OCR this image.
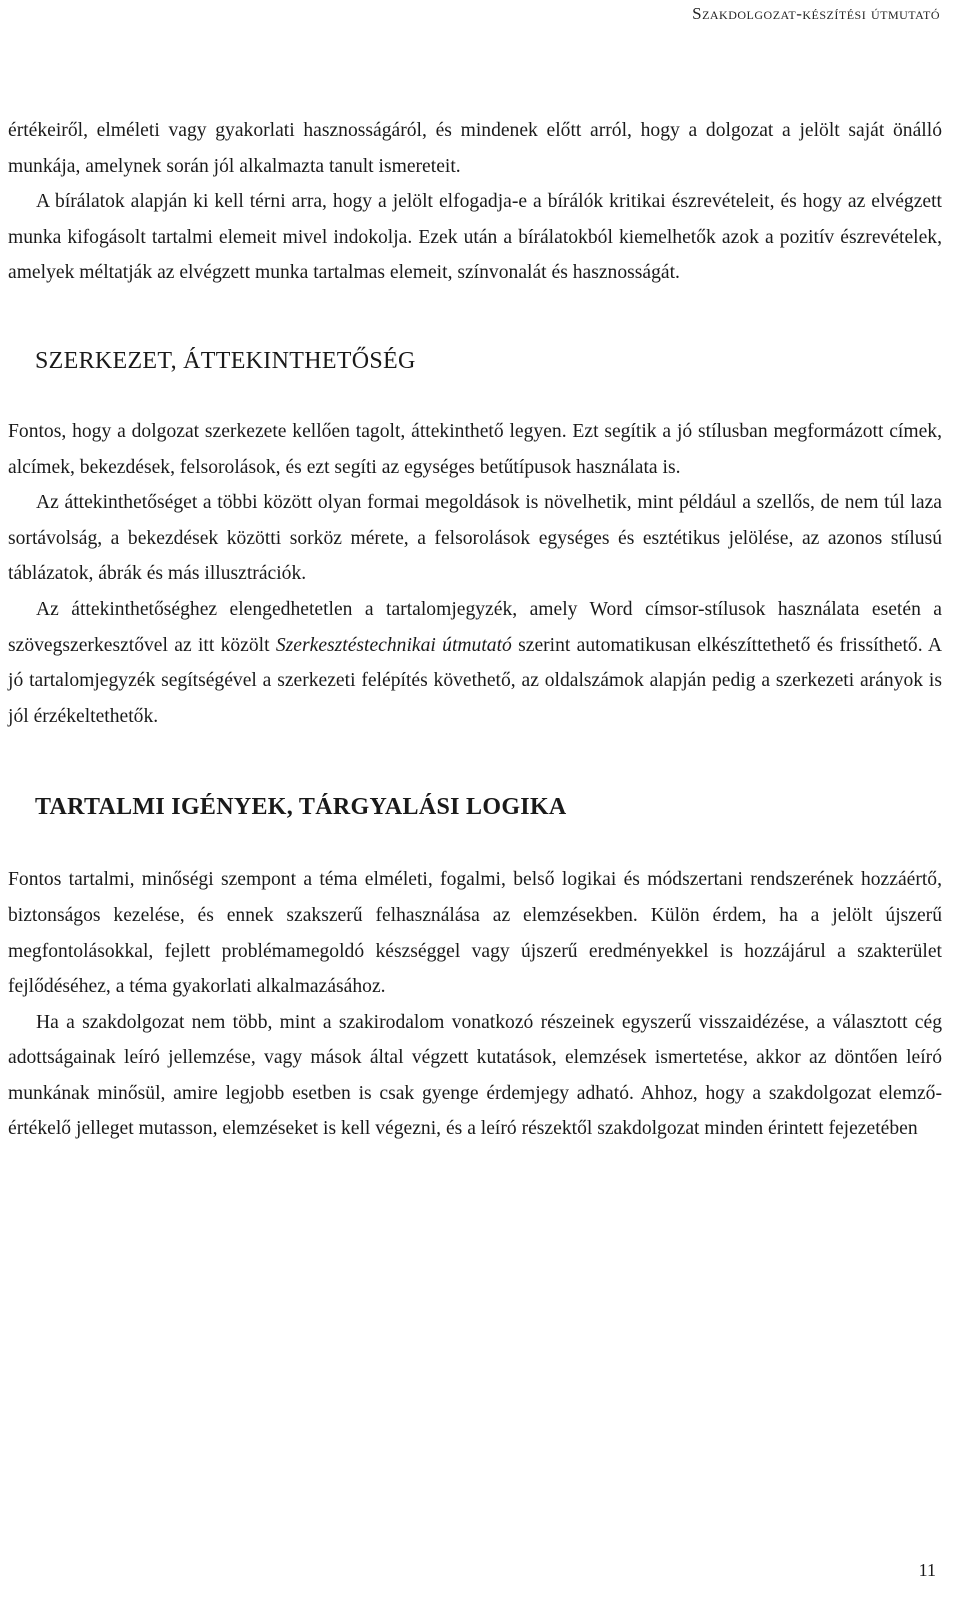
Szakdolgozat-készítési útmutató

értékeiről, elméleti vagy gyakorlati hasznosságáról, és mindenek előtt arról, hogy a dolgozat a jelölt saját önálló munkája, amelynek során jól alkalmazta tanult ismereteit.

A bírálatok alapján ki kell térni arra, hogy a jelölt elfogadja-e a bírálók kritikai észrevételeit, és hogy az elvégzett munka kifogásolt tartalmi elemeit mivel indokolja. Ezek után a bírálatokból kiemelhetők azok a pozitív észrevételek, amelyek méltatják az elvégzett munka tartalmas elemeit, színvonalát és hasznosságát.

SZERKEZET, ÁTTEKINTHETŐSÉG

Fontos, hogy a dolgozat szerkezete kellően tagolt, áttekinthető legyen. Ezt segítik a jó stílusban megformázott címek, alcímek, bekezdések, felsorolások, és ezt segíti az egységes betűtípusok használata is.

Az áttekinthetőséget a többi között olyan formai megoldások is növelhetik, mint például a szellős, de nem túl laza sortávolság, a bekezdések közötti sorköz mérete, a felsorolások egységes és esztétikus jelölése, az azonos stílusú táblázatok, ábrák és más illusztrációk.

Az áttekinthetőséghez elengedhetetlen a tartalomjegyzék, amely Word címsor-stílusok használata esetén a szövegszerkesztővel az itt közölt Szerkesztéstechnikai útmutató szerint automatikusan elkészíttethető és frissíthető. A jó tartalomjegyzék segítségével a szerkezeti felépítés követhető, az oldalszámok alapján pedig a szerkezeti arányok is jól érzékeltethetők.

TARTALMI IGÉNYEK, TÁRGYALÁSI LOGIKA

Fontos tartalmi, minőségi szempont a téma elméleti, fogalmi, belső logikai és módszertani rendszerének hozzáértő, biztonságos kezelése, és ennek szakszerű felhasználása az elemzésekben. Külön érdem, ha a jelölt újszerű megfontolásokkal, fejlett problémamegoldó készséggel vagy újszerű eredményekkel is hozzájárul a szakterület fejlődéséhez, a téma gyakorlati alkalmazásához.

Ha a szakdolgozat nem több, mint a szakirodalom vonatkozó részeinek egyszerű visszaidézése, a választott cég adottságainak leíró jellemzése, vagy mások által végzett kutatások, elemzések ismertetése, akkor az döntően leíró munkának minősül, amire legjobb esetben is csak gyenge érdemjegy adható. Ahhoz, hogy a szakdolgozat elemző-értékelő jelleget mutasson, elemzéseket is kell végezni, és a leíró részektől szakdolgozat minden érintett fejezetében

11
